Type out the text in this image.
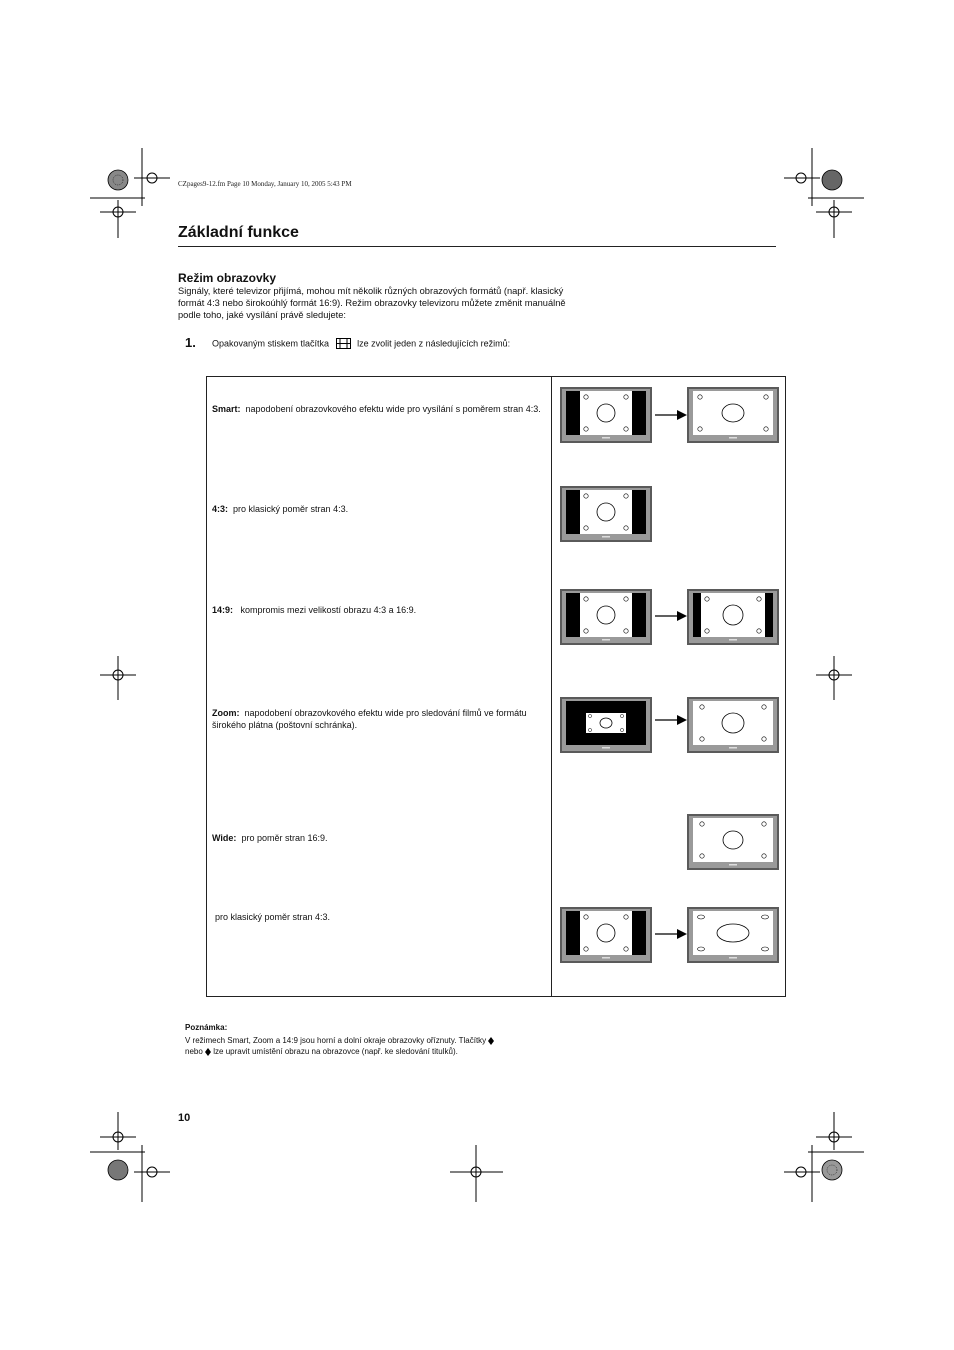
CZpages9-12.fm Page 10 Monday, January 10, 2005 5:43 PM
Základní funkce
Režim obrazovky
Signály, které televizor přijímá, mohou mít několik různých obrazových formátů (např. klasický formát 4:3 nebo širokoúhlý formát 16:9). Režim obrazovky televizoru můžete změnit manuálně podle toho, jaké vysílání právě sledujete:
1. Opakovaným stiskem tlačítka	lze zvolit jeden z následujících režimů:
Smart: napodobení obrazovkového efektu wide pro vysílání s poměrem stran 4:3.
4:3: pro klasický poměr stran 4:3.
14:9: kompromis mezi velikostí obrazu 4:3 a 16:9.
Zoom: napodobení obrazovkového efektu wide pro sledování filmů ve formátu širokého plátna (poštovní schránka).
Wide: pro poměr stran 16:9.
pro klasický poměr stran 4:3.
Poznámka:
V režimech Smart, Zoom a 14:9 jsou horní a dolní okraje obrazovky oříznuty. Tlačítky
nebo lze upravit umístění obrazu na obrazovce (např. ke sledování titulků).
10
